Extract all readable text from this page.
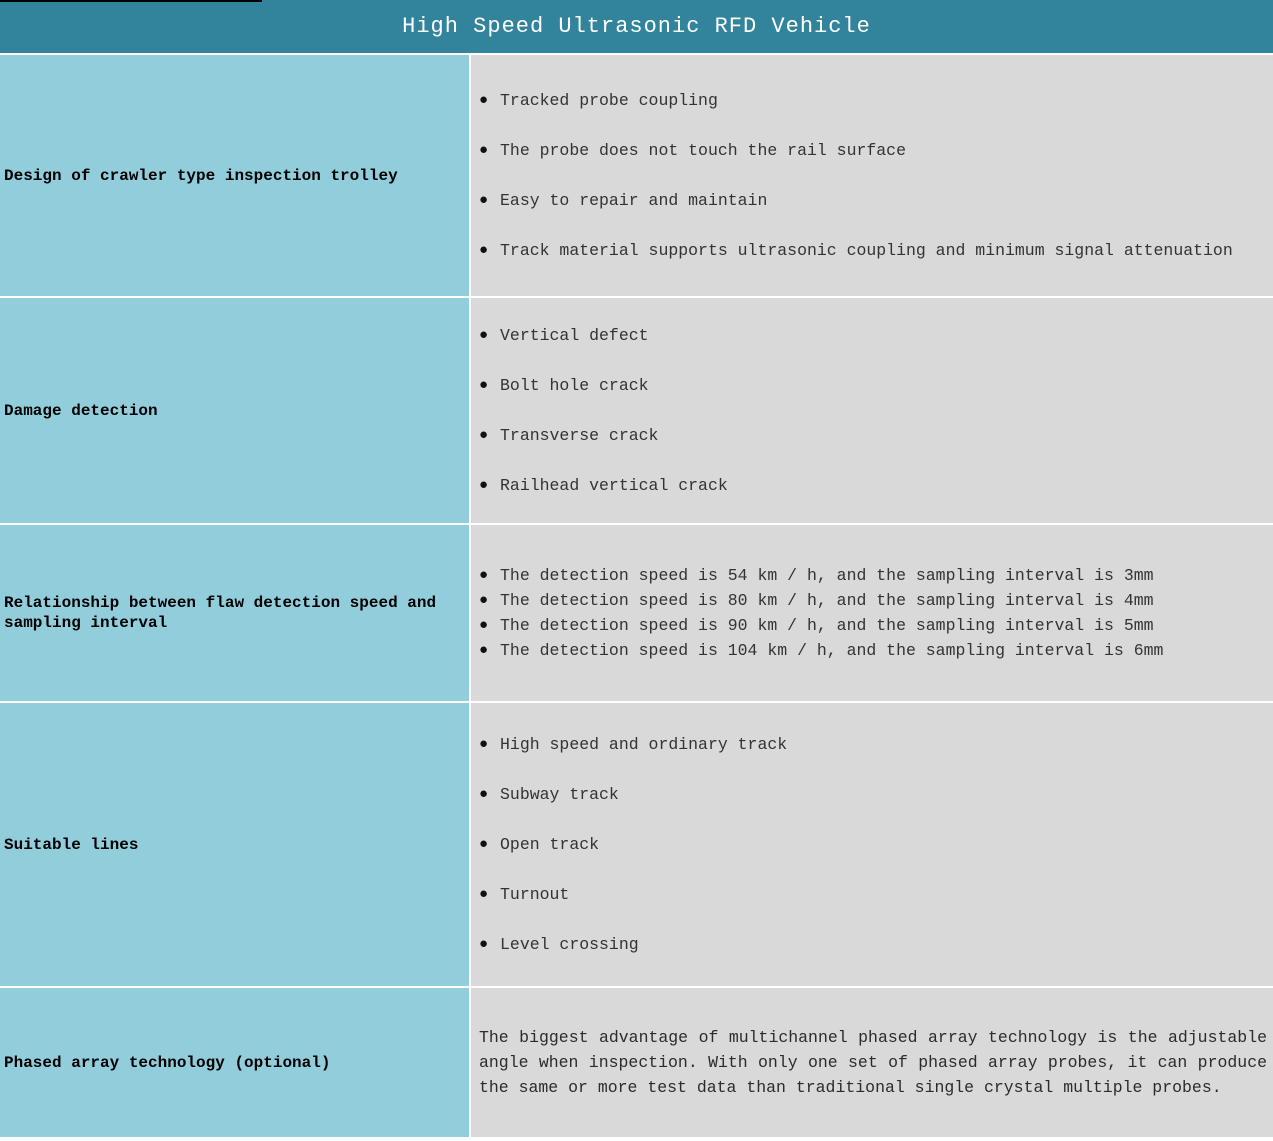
High Speed Ultrasonic RFD Vehicle
Design of crawler type inspection trolley
● Tracked probe coupling
● The probe does not touch the rail surface
● Easy to repair and maintain
● Track material supports ultrasonic coupling and minimum signal attenuation
Damage detection
● Vertical defect
● Bolt hole crack
● Transverse crack
● Railhead vertical crack
Relationship between flaw detection speed and sampling interval
● The detection speed is 54 km / h, and the sampling interval is 3mm
● The detection speed is 80 km / h, and the sampling interval is 4mm
● The detection speed is 90 km / h, and the sampling interval is 5mm
● The detection speed is 104 km / h, and the sampling interval is 6mm
Suitable lines
● High speed and ordinary track
● Subway track
● Open track
● Turnout
● Level crossing
Phased array technology (optional)
The biggest advantage of multichannel phased array technology is the adjustable angle when inspection. With only one set of phased array probes, it can produce the same or more test data than traditional single crystal multiple probes.
